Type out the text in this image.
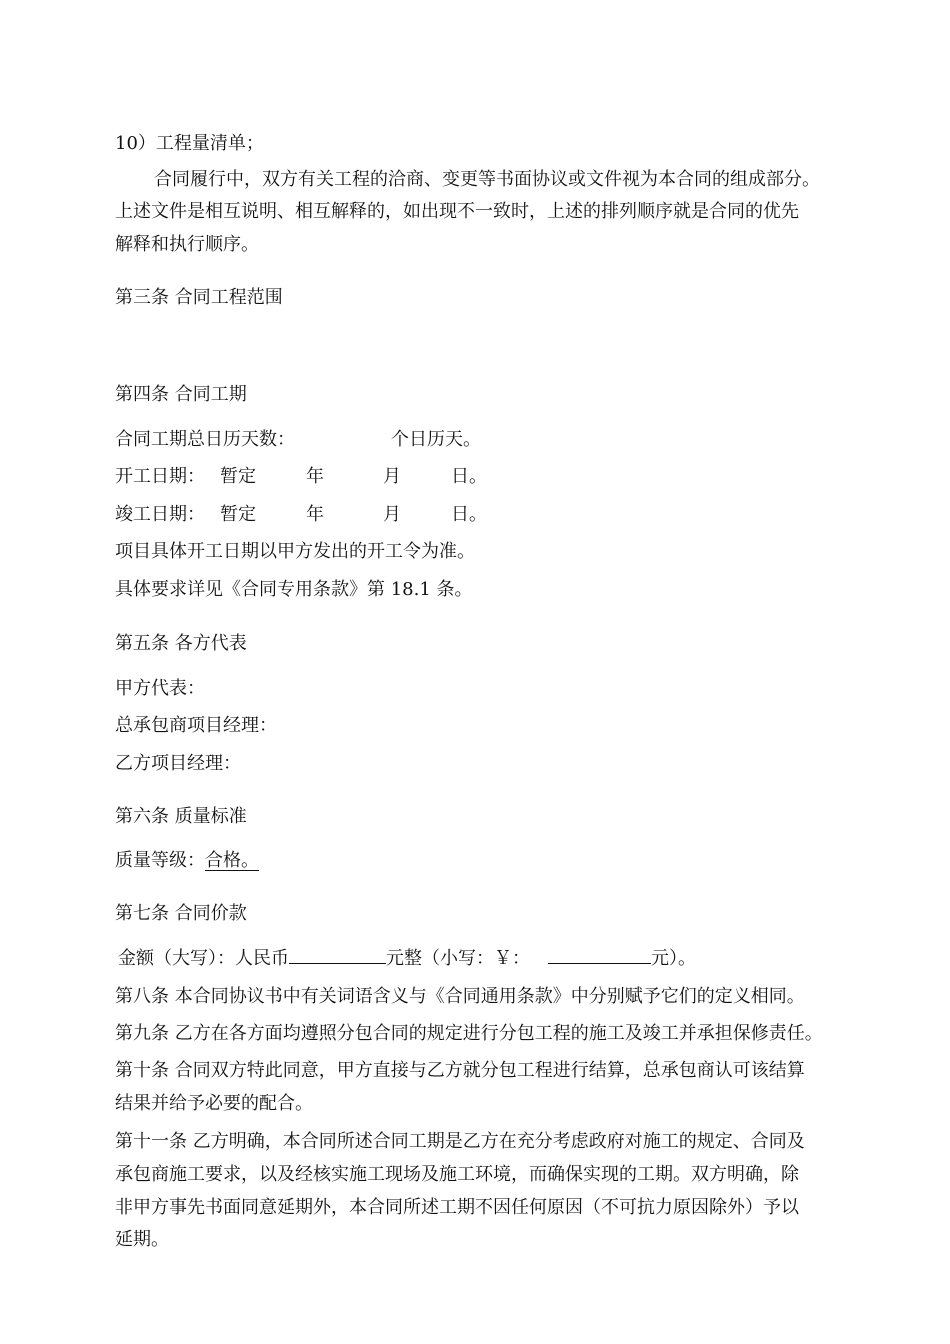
10）工程量清单；

合同履行中，双方有关工程的洽商、变更等书面协议或文件视为本合同的组成部分。

上述文件是相互说明、相互解释的，如出现不一致时，上述的排列顺序就是合同的优先

解释和执行顺序。

第三条 合同工程范围

第四条 合同工期

合同工期总日历天数：	个日历天。
开工日期： 暂定	年	月	日。
竣工日期： 暂定	年	月	日。

项目具体开工日期以甲方发出的开工令为准。

具体要求详见《合同专用条款》第 18.1 条。

第五条 各方代表

甲方代表：

总承包商项目经理：

乙方项目经理：

第六条 质量标准

质量等级：合格。

第七条 合同价款

金额（大写）：人民币	元整（小写：￥：	元）。

第八条 本合同协议书中有关词语含义与《合同通用条款》中分别赋予它们的定义相同。

第九条 乙方在各方面均遵照分包合同的规定进行分包工程的施工及竣工并承担保修责任。

第十条 合同双方特此同意，甲方直接与乙方就分包工程进行结算，总承包商认可该结算

结果并给予必要的配合。

第十一条 乙方明确，本合同所述合同工期是乙方在充分考虑政府对施工的规定、合同及

承包商施工要求，以及经核实施工现场及施工环境，而确保实现的工期。双方明确，除

非甲方事先书面同意延期外，本合同所述工期不因任何原因（不可抗力原因除外）予以

延期。
